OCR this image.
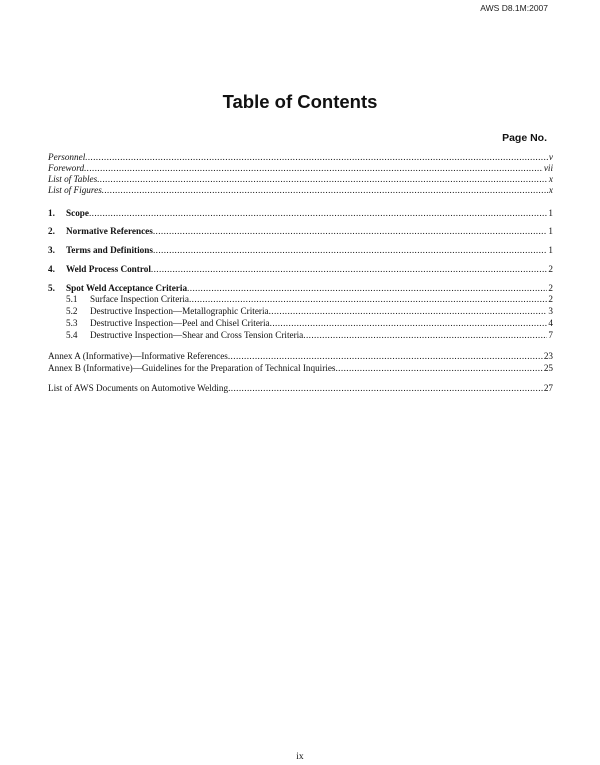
AWS D8.1M:2007
Table of Contents
Page No.
Personnel .....	v
Foreword .....	vii
List of Tables .....	x
List of Figures .....	x
1.	Scope .....	1
2.	Normative References .....	1
3.	Terms and Definitions .....	1
4.	Weld Process Control .....	2
5.	Spot Weld Acceptance Criteria .....	2
5.1	Surface Inspection Criteria .....	2
5.2	Destructive Inspection—Metallographic Criteria .....	3
5.3	Destructive Inspection—Peel and Chisel Criteria .....	4
5.4	Destructive Inspection—Shear and Cross Tension Criteria .....	7
Annex A (Informative)—Informative References .....	23
Annex B (Informative)—Guidelines for the Preparation of Technical Inquiries .....	25
List of AWS Documents on Automotive Welding .....	27
ix
